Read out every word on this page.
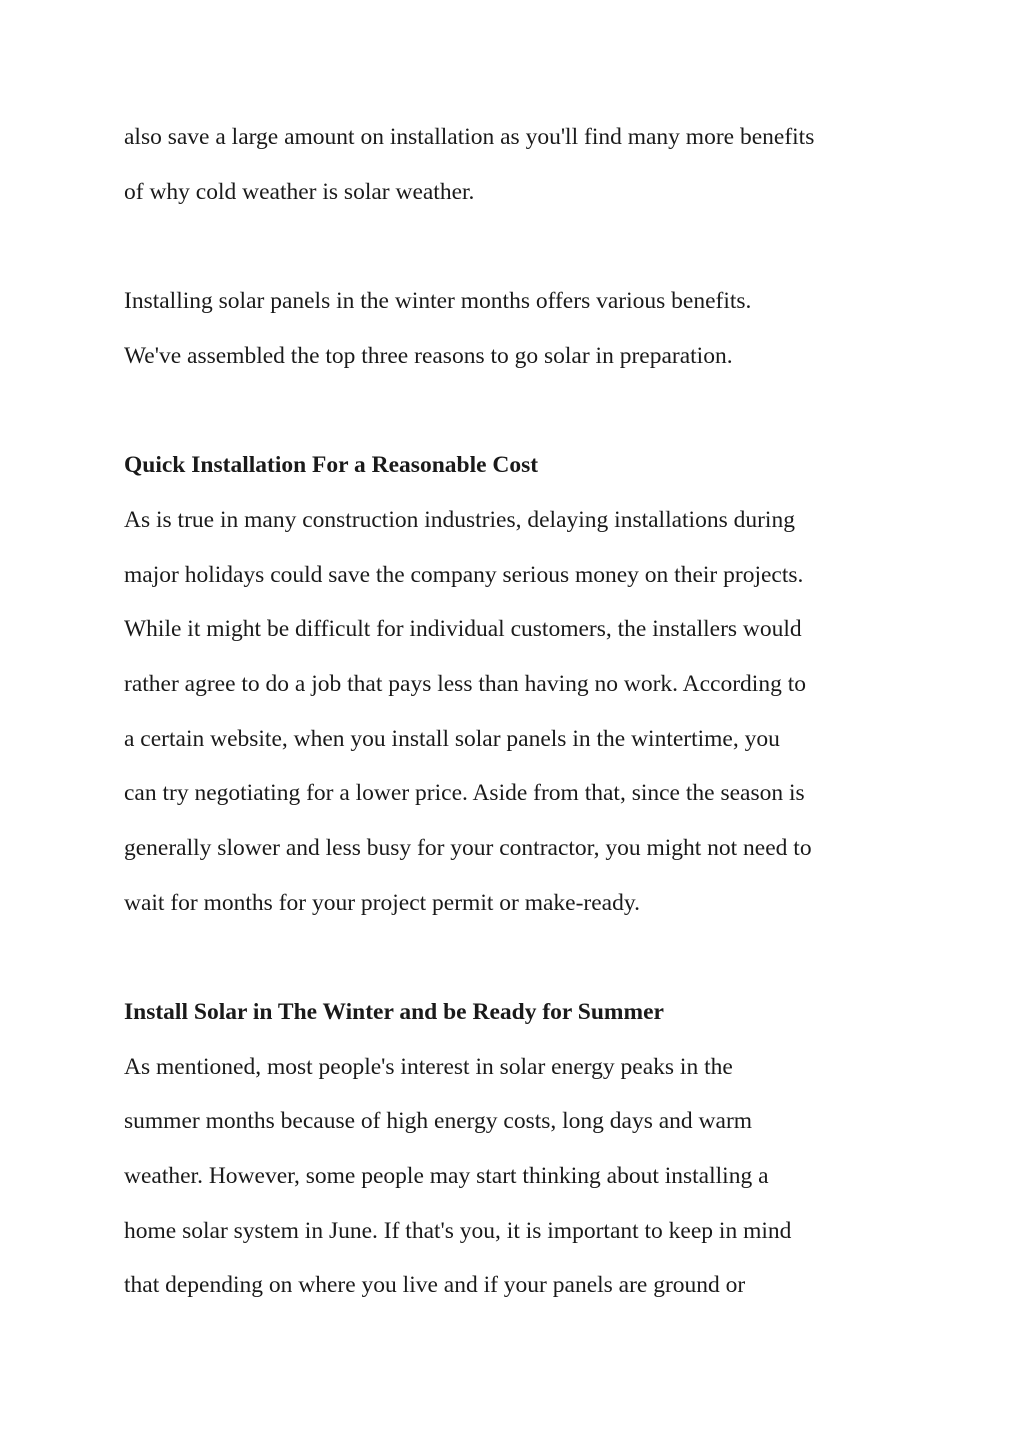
also save a large amount on installation as you'll find many more benefits
of why cold weather is solar weather.
Installing solar panels in the winter months offers various benefits.
We've assembled the top three reasons to go solar in preparation.
Quick Installation For a Reasonable Cost
As is true in many construction industries, delaying installations during
major holidays could save the company serious money on their projects.
While it might be difficult for individual customers, the installers would
rather agree to do a job that pays less than having no work. According to
a certain website, when you install solar panels in the wintertime, you
can try negotiating for a lower price. Aside from that, since the season is
generally slower and less busy for your contractor, you might not need to
wait for months for your project permit or make-ready.
Install Solar in The Winter and be Ready for Summer
As mentioned, most people's interest in solar energy peaks in the
summer months because of high energy costs, long days and warm
weather. However, some people may start thinking about installing a
home solar system in June. If that's you, it is important to keep in mind
that depending on where you live and if your panels are ground or
